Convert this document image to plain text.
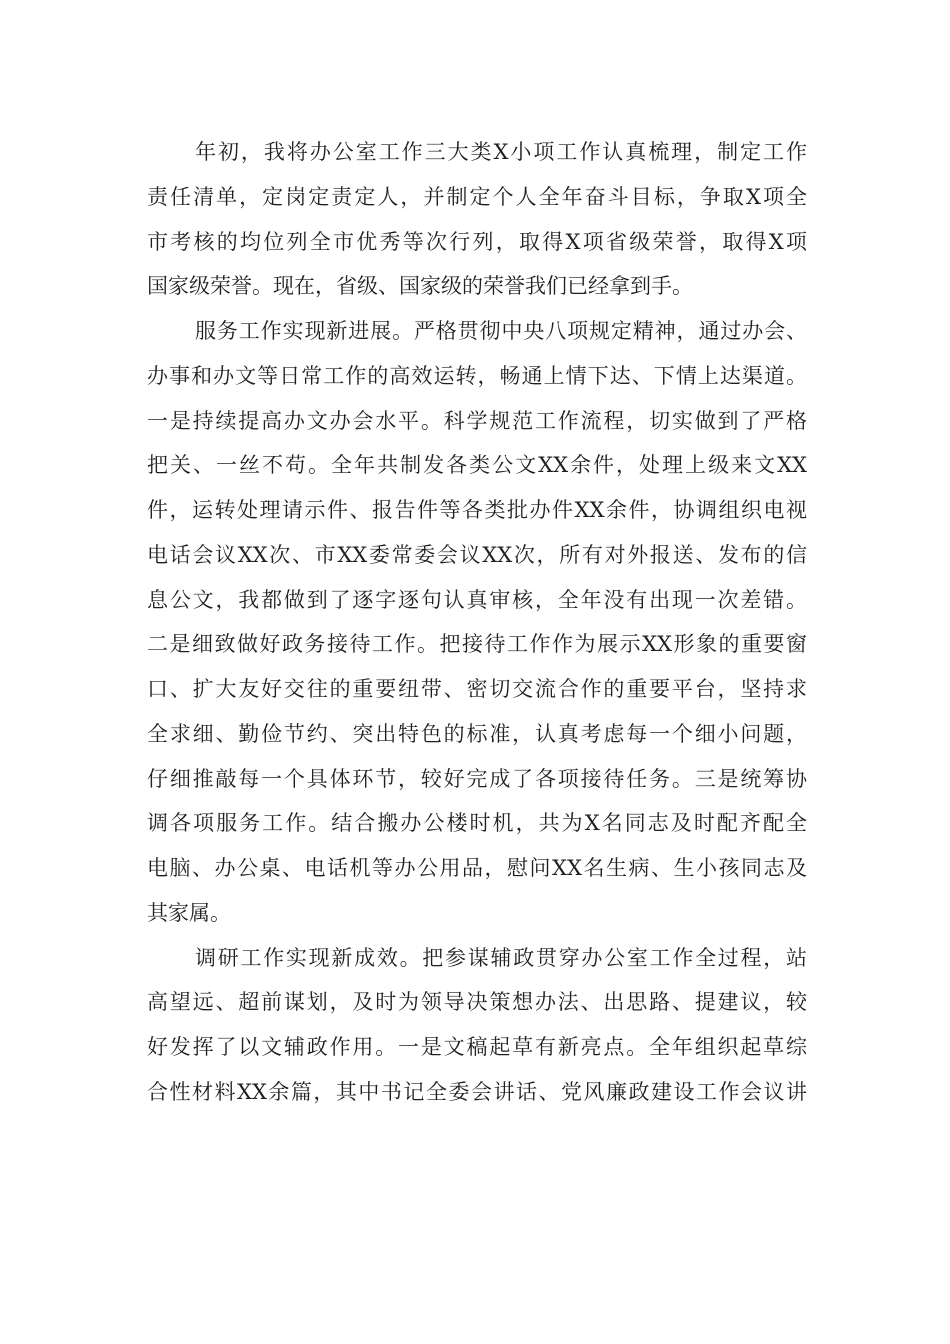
年初，我将办公室工作三大类X小项工作认真梳理，制定工作
责任清单，定岗定责定人，并制定个人全年奋斗目标，争取X项全
市考核的均位列全市优秀等次行列，取得X项省级荣誉，取得X项
国家级荣誉。现在，省级、国家级的荣誉我们已经拿到手。
服务工作实现新进展。严格贯彻中央八项规定精神，通过办会、
办事和办文等日常工作的高效运转，畅通上情下达、下情上达渠道。
一是持续提高办文办会水平。科学规范工作流程，切实做到了严格
把关、一丝不苟。全年共制发各类公文XX余件，处理上级来文XX
件，运转处理请示件、报告件等各类批办件XX余件，协调组织电视
电话会议XX次、市XX委常委会议XX次，所有对外报送、发布的信
息公文，我都做到了逐字逐句认真审核，全年没有出现一次差错。
二是细致做好政务接待工作。把接待工作作为展示XX形象的重要窗
口、扩大友好交往的重要纽带、密切交流合作的重要平台，坚持求
全求细、勤俭节约、突出特色的标准，认真考虑每一个细小问题，
仔细推敲每一个具体环节，较好完成了各项接待任务。三是统筹协
调各项服务工作。结合搬办公楼时机，共为X名同志及时配齐配全
电脑、办公桌、电话机等办公用品，慰问XX名生病、生小孩同志及
其家属。
调研工作实现新成效。把参谋辅政贯穿办公室工作全过程，站
高望远、超前谋划，及时为领导决策想办法、出思路、提建议，较
好发挥了以文辅政作用。一是文稿起草有新亮点。全年组织起草综
合性材料XX余篇，其中书记全委会讲话、党风廉政建设工作会议讲
